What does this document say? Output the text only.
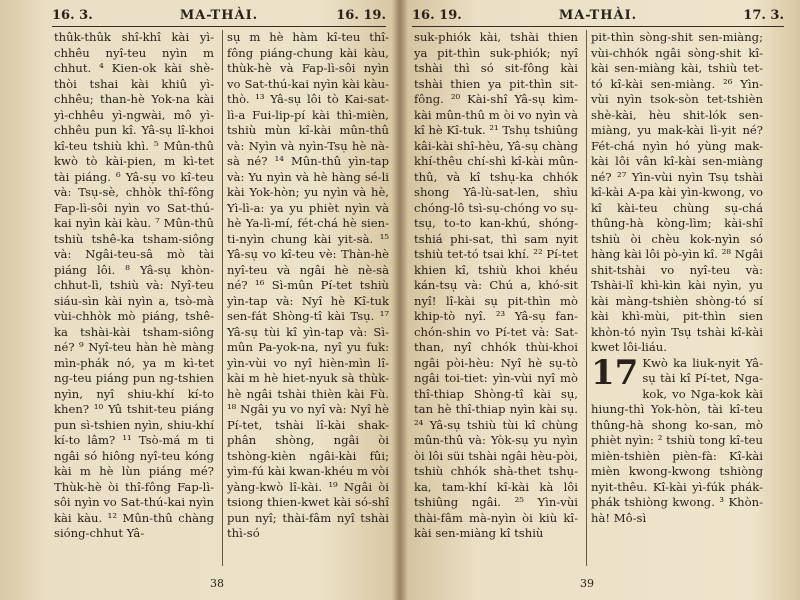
16. 3.	MA-THÀI.	16. 19.

thûk-thûk shî-khî kài yì-chhêu nyî-teu nyìn m chhut. ⁴ Kien-ok kài shè-thòi tshai kài khiû yì-chhêu; than-hè Yok-na kài yì-chhêu yì-ngwài, mô yì-chhêu pun kî. Yâ-sụ lî-khoi kî-teu tshiù khì. ⁵ Mûn-thû kwò tò kài-pien, m kì-tet tài piáng. ⁶ Yâ-sụ vo kî-teu và: Tsụ-sè, chhòk thî-fông Fap-lì-sôi nyìn vo Sat-thú-kai nyìn kài kàu. ⁷ Mûn-thû tshiù tshê-ka tsham-siông và: Ngâi-teu-sâ mò tài piáng lôi. ⁸ Yâ-sụ khòn-chhut-lì, tshiù và: Nyî-teu siáu-sìn kài nyìn a, tsò-mà vùi-chhòk mò piáng, tshê-ka tshài-kài tsham-siông né? ⁹ Nyî-teu hàn hè màng mìn-phák nó, ya m kì-tet ng-teu piáng pun ng-tshien nyìn, nyî shiu-khí kí-to khen? ¹⁰ Yû tshit-teu piáng pun sì-tshien nyìn, shiu-khí kí-to lâm? ¹¹ Tsò-má m ti ngâi só hiông nyî-teu kóng kài m hè lùn piáng mé? Thùk-hè òi thî-fông Fap-lì-sôi nyìn vo Sat-thú-kai nyìn kài kàu. ¹² Mûn-thû chàng sióng-chhut Yâ-

sụ m hè hàm kî-teu thî-fông piáng-chung kài kàu, thùk-hè và Fap-lì-sôi nyìn vo Sat-thú-kai nyìn kài kàu-thò. ¹³ Yâ-sụ lôi tò Kai-sat-lì-a Fui-lip-pí kài thì-mièn, tshiù mùn kî-kài mûn-thû và: Nyìn và nyìn-Tsụ hè nà-sà né? ¹⁴ Mûn-thû yìn-tap và: Yu nyìn và hè hàng sé-li kài Yok-hòn; yu nyìn và hè, Yì-lì-a: ya yu phièt nyìn và hè Ya-lì-mí, fét-chá hè sien-ti-nyìn chung kài yit-sà. ¹⁵ Yâ-sụ vo kî-teu vè: Thàn-hè nyî-teu và ngâi hè nè-sà né? ¹⁶ Sì-mûn Pí-tet tshiù yìn-tap và: Nyî hè Kî-tuk sen-fát Shòng-tî kài Tsụ. ¹⁷ Yâ-sụ tùi kî yìn-tap và: Sì-mûn Pa-yok-na, nyî yu fuk: yìn-vùi vo nyî hièn-mìn lî-kài m hè hiet-nyuk sà thùk-hè ngâi tshài thièn kài Fù. ¹⁸ Ngâi yu vo nyî và: Nyî hè Pí-tet, tshài lî-kài shak-phân shòng, ngâi òi tshòng-kièn ngâi-kài fûi; yìm-fú kài kwan-khéu m vòi yàng-kwò lî-kài. ¹⁹ Ngâi òi tsiong thien-kwet kài só-shî pun nyî; thài-fâm nyî tshài thì-só

38
16. 19.	MA-THÀI.	17. 3.

suk-phiók kài, tshài thien ya pit-thìn suk-phiók; nyî tshài thì só sit-fông kài tshài thien ya pit-thìn sit-fông. ²⁰ Kài-shî Yâ-sụ kìm-kài mûn-thû m òi vo nyìn và kî hè Kî-tuk. ²¹ Tshụ tshiûng kâi-kài shî-hèu, Yâ-sụ chàng khí-thêu chí-shì kî-kài mûn-thû, và kî tshụ-ka chhók shong Yâ-lù-sat-len, shìu chóng-lô tsì-sụ-chóng vo sụ-tsụ, to-to kan-khú, shóng-tshiá phi-sat, thì sam nyit tshiù tet-tó tsai khí. ²² Pí-tet khien kî, tshiù khoi khéu kán-tsụ và: Chú a, khó-sit nyî! lî-kài sụ pit-thìn mò khip-tò nyî. ²³ Yâ-sụ fan-chón-shin vo Pí-tet và: Sat-than, nyî chhók thùi-khoi ngâi pòi-hèu: Nyî hè sụ-tò ngâi toi-tiet: yìn-vùi nyî mò thî-thiap Shòng-tî kài sụ, tan hè thî-thiap nyìn kài sụ. ²⁴ Yâ-sụ tshiù tùi kî chùng mûn-thû và: Yòk-sụ yu nyìn òi lôi süi tshài ngâi hèu-pòi, tshiù chhók shà-thet tshụ-ka, tam-khí kî-kài kà lôi tshiûng ngâi. ²⁵ Yìn-vùi thài-fâm mà-nyìn òi kiù kî-kài sen-miàng kî tshiù

pit-thìn sòng-shit sen-miàng; vùi-chhók ngâi sòng-shit kî-kài sen-miàng kài, tshiù tet-tó kî-kài sen-miàng. ²⁶ Yìn-vùi nyìn tsok-sòn tet-tshièn shè-kài, hèu shit-lók sen-miàng, yu mak-kài lì-yit né? Fét-chá nyìn hó yùng mak-kài lôi vân kî-kài sen-miàng né? ²⁷ Yìn-vùi nyìn Tsụ tshài kî-kài A-pa kài yìn-kwong, vo kî kài-teu chùng sụ-chá thûng-hà kòng-lìm; kài-shî tshiù òi chèu kok-nyìn só hàng kài lôi pò-yìn kî. ²⁸ Ngâi shit-tshài vo nyî-teu và: Tshài-lî khì-kìn kài nyìn, yu kài màng-tshièn shòng-tó sí kài khì-mùi, pit-thìn sien khòn-tó nyìn Tsụ tshài kî-kài kwet lôi-liáu.

17 Kwò ka liuk-nyit Yâ-sụ tài kî Pí-tet, Nga-kok, vo Nga-kok kài hiung-thì Yok-hòn, tài kî-teu thûng-hà shong ko-san, mò phièt nyìn: ² tshiù tong kî-teu mièn-tshièn pièn-fà: Kî-kài mièn kwong-kwong tshiòng nyit-thêu. Kî-kài yì-fúk phák-phák tshiòng kwong. ³ Khòn-hà! Mô-sì

39
